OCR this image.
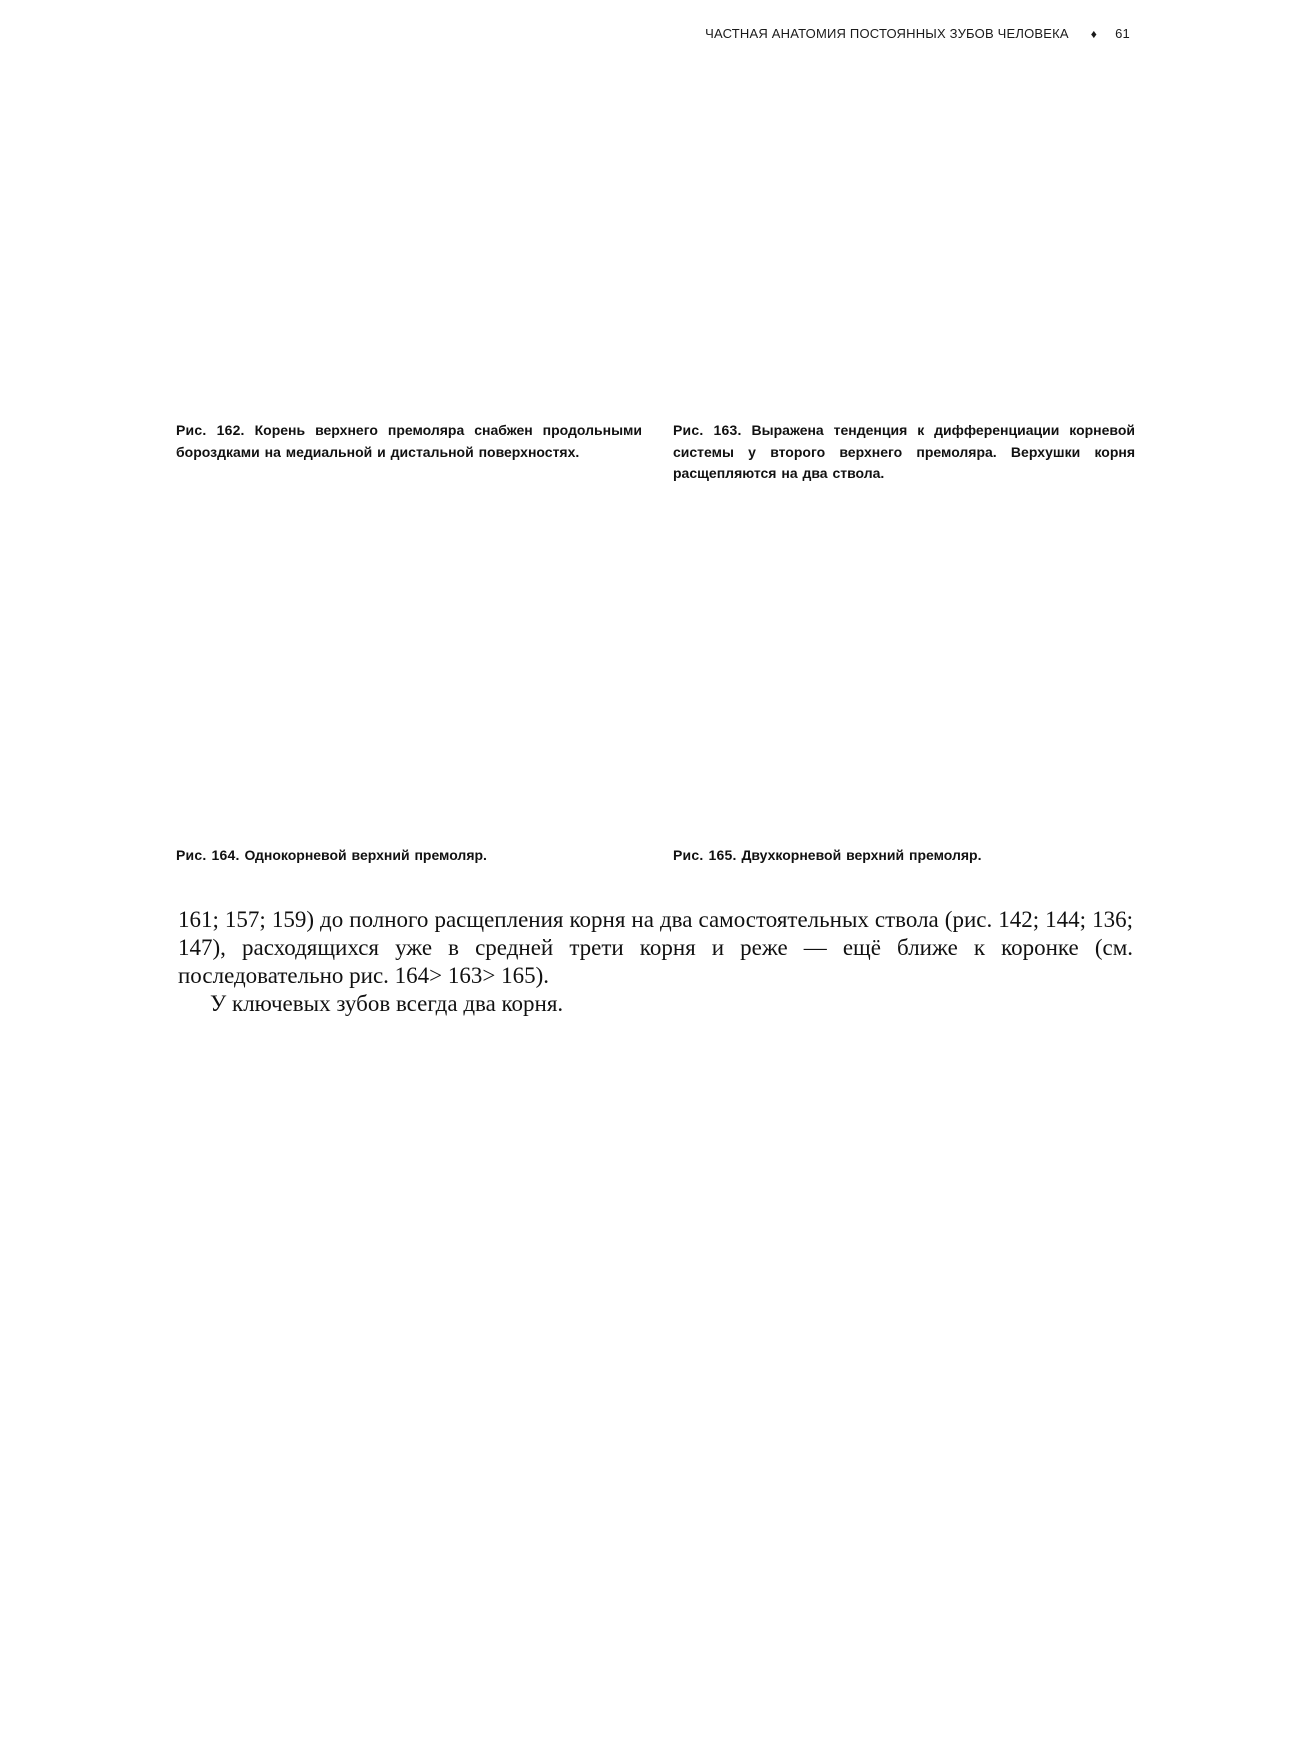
ЧАСТНАЯ АНАТОМИЯ ПОСТОЯННЫХ ЗУБОВ ЧЕЛОВЕКА ♦ 61
Рис. 162. Корень верхнего премоляра снабжен продольными бороздками на медиальной и дистальной поверхностях.
Рис. 163. Выражена тенденция к дифференциации корневой системы у второго верхнего премоляра. Верхушки корня расщепляются на два ствола.
Рис. 164. Однокорневой верхний премоляр.	Рис. 165. Двухкорневой верхний премоляр.

161; 157; 159) до полного расщепления корня на два самостоятельных ствола (рис. 142; 144; 136; 147), расходящихся уже в средней трети корня и реже — ещё ближе к коронке (см. последовательно рис. 164> 163> 165).

У ключевых зубов всегда два корня.
